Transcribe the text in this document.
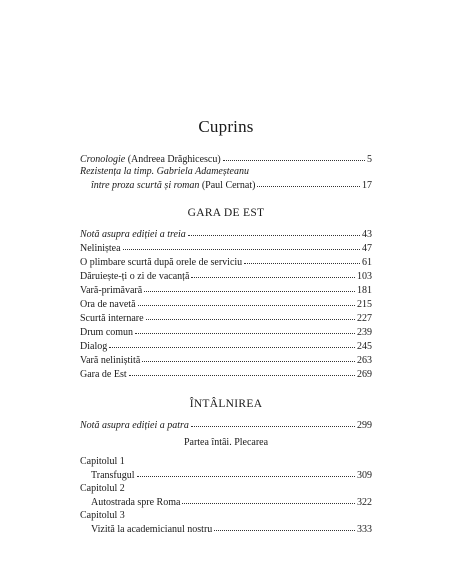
Cuprins
Cronologie (Andreea Drăghicescu)	5
Rezistența la timp. Gabriela Adameșteanu
între proza scurtă și roman (Paul Cernat)	17
GARA DE EST
Notă asupra ediției a treia	43
Neliniștea	47
O plimbare scurtă după orele de serviciu	61
Dăruiește-ți o zi de vacanță	103
Vară-primăvară	181
Ora de navetă	215
Scurtă internare	227
Drum comun	239
Dialog	245
Vară neliniștită	263
Gara de Est	269
ÎNTÂLNIREA
Notă asupra ediției a patra	299
Partea întâi. Plecarea
Capitolul 1
Transfugul	309
Capitolul 2
Autostrada spre Roma	322
Capitolul 3
Vizită la academicianul nostru	333
